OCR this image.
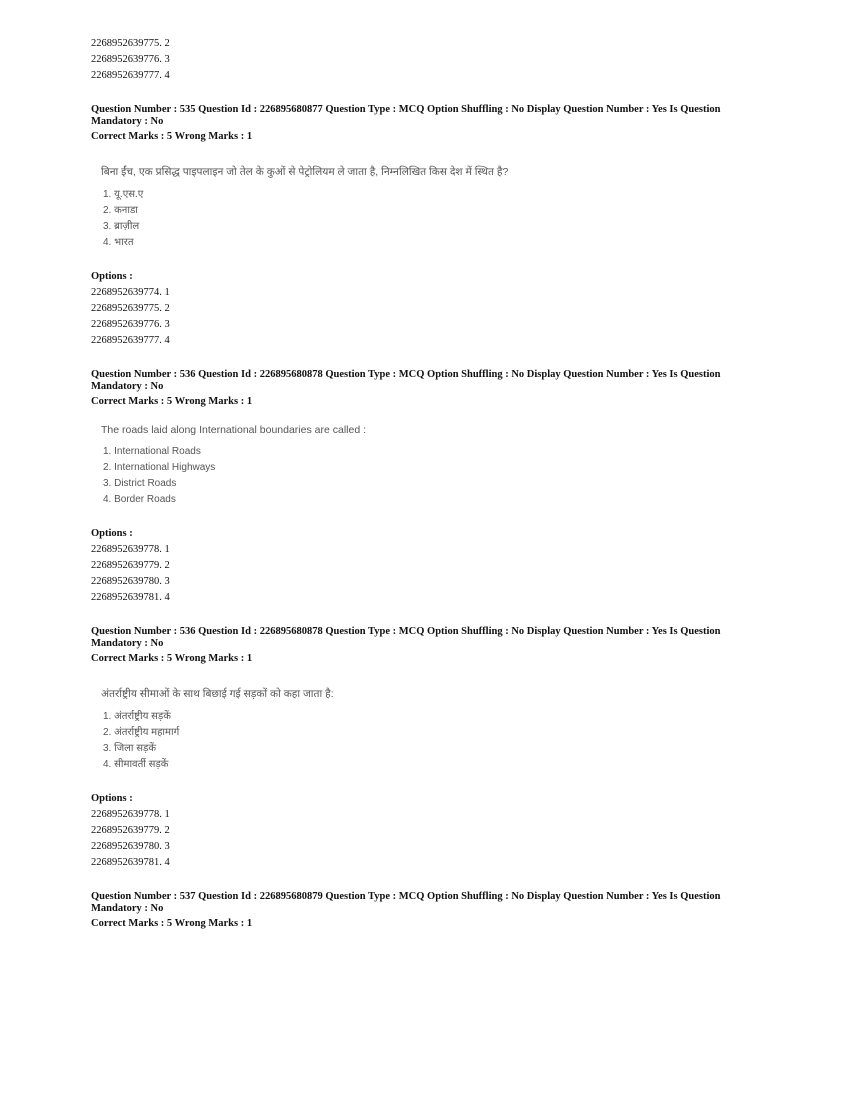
2268952639775. 2
2268952639776. 3
2268952639777. 4
Question Number : 535 Question Id : 226895680877 Question Type : MCQ Option Shuffling : No Display Question Number : Yes Is Question
Mandatory : No
Correct Marks : 5 Wrong Marks : 1
बिना ईंच, एक प्रसिद्ध पाइपलाइन जो तेल के कुओं से पेट्रोलियम ले जाता है, निम्नलिखित किस देश में स्थित है?
1. यू.एस.ए
2. कनाडा
3. ब्राज़ील
4. भारत
Options :
2268952639774. 1
2268952639775. 2
2268952639776. 3
2268952639777. 4
Question Number : 536 Question Id : 226895680878 Question Type : MCQ Option Shuffling : No Display Question Number : Yes Is Question
Mandatory : No
Correct Marks : 5 Wrong Marks : 1
The roads laid along International boundaries are called :
1. International Roads
2. International Highways
3. District Roads
4. Border Roads
Options :
2268952639778. 1
2268952639779. 2
2268952639780. 3
2268952639781. 4
Question Number : 536 Question Id : 226895680878 Question Type : MCQ Option Shuffling : No Display Question Number : Yes Is Question
Mandatory : No
Correct Marks : 5 Wrong Marks : 1
अंतर्राष्ट्रीय सीमाओं के साथ बिछाई गई सड़कों को कहा जाता है:
1. अंतर्राष्ट्रीय सड़कें
2. अंतर्राष्ट्रीय महामार्ग
3. जिला सड़कें
4. सीमावर्ती सड़कें
Options :
2268952639778. 1
2268952639779. 2
2268952639780. 3
2268952639781. 4
Question Number : 537 Question Id : 226895680879 Question Type : MCQ Option Shuffling : No Display Question Number : Yes Is Question
Mandatory : No
Correct Marks : 5 Wrong Marks : 1
